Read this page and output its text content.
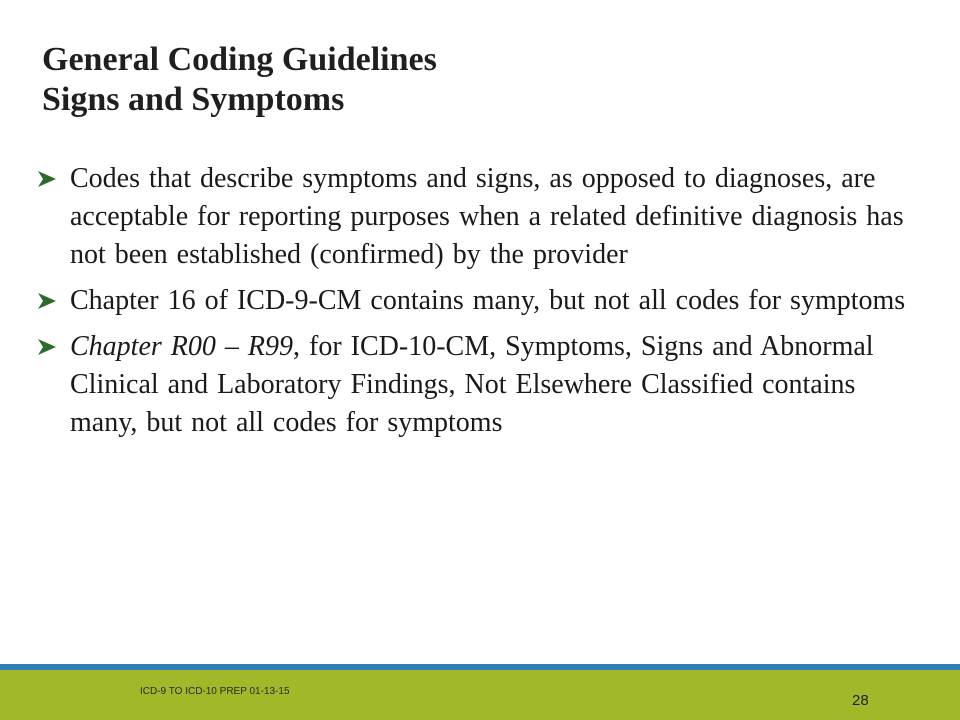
General Coding Guidelines
Signs and Symptoms
Codes that describe symptoms and signs, as opposed to diagnoses, are acceptable for reporting purposes when a related definitive diagnosis has not been established (confirmed) by the provider
Chapter 16 of ICD-9-CM contains many, but not all codes for symptoms
Chapter R00 – R99, for ICD-10-CM, Symptoms, Signs and Abnormal Clinical and Laboratory Findings, Not Elsewhere Classified contains many, but not all codes for symptoms
ICD-9 TO ICD-10 PREP 01-13-15
28
